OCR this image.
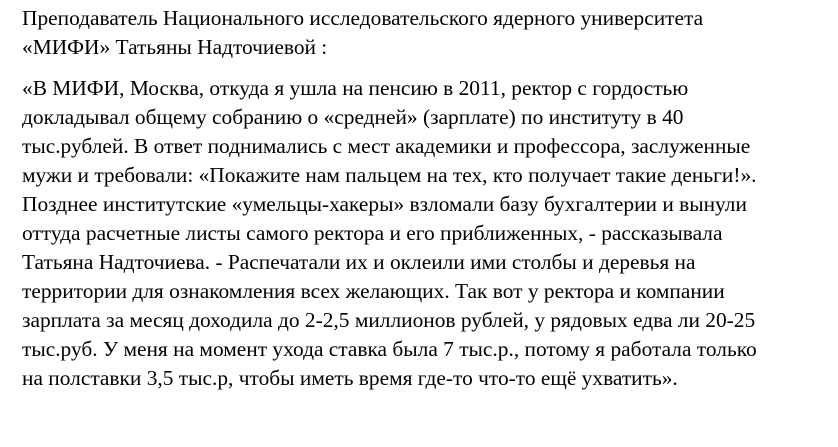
Преподаватель Национального исследовательского ядерного университета
«МИФИ» Татьяны Надточиевой :
«В МИФИ, Москва, откуда я ушла на пенсию в 2011, ректор с гордостью
докладывал общему собранию о «средней» (зарплате) по институту в 40
тыс.рублей. В ответ поднимались с мест академики и профессора, заслуженные
мужи и требовали: «Покажите нам пальцем на тех, кто получает такие деньги!».
Позднее институтские «умельцы-хакеры» взломали базу бухгалтерии и вынули
оттуда расчетные листы самого ректора и его приближенных, - рассказывала
Татьяна Надточиева. - Распечатали их и оклеили ими столбы и деревья на
территории для ознакомления всех желающих. Так вот у ректора и компании
зарплата за месяц доходила до 2-2,5 миллионов рублей, у рядовых едва ли 20-25
тыс.руб. У меня на момент ухода ставка была 7 тыс.р., потому я работала только
на полставки 3,5 тыс.р, чтобы иметь время где-то что-то ещё ухватить».
